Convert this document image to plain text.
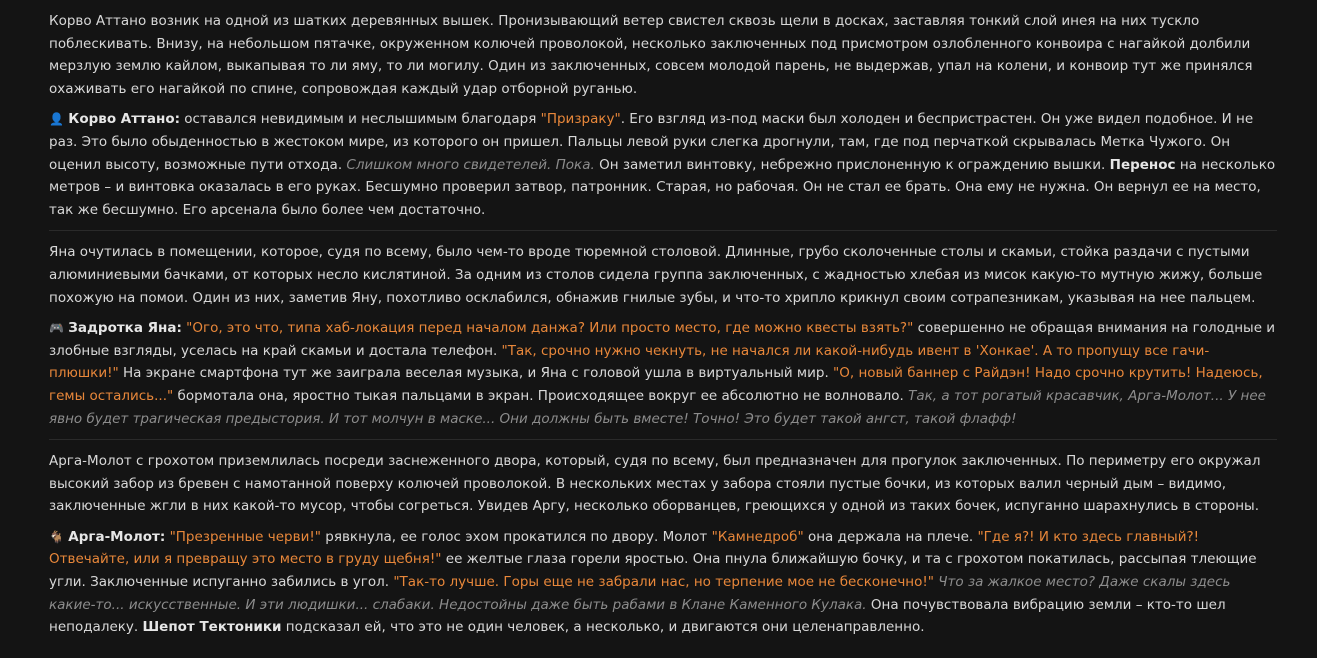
Корво Аттано возник на одной из шатких деревянных вышек. Пронизывающий ветер свистел сквозь щели в досках, заставляя тонкий слой инея на них тускло поблескивать. Внизу, на небольшом пятачке, окруженном колючей проволокой, несколько заключенных под присмотром озлобленного конвоира с нагайкой долбили мерзлую землю кайлом, выкапывая то ли яму, то ли могилу. Один из заключенных, совсем молодой парень, не выдержав, упал на колени, и конвоир тут же принялся охаживать его нагайкой по спине, сопровождая каждый удар отборной руганью.

👤 Корво Аттано: оставался невидимым и неслышимым благодаря "Призраку". Его взгляд из-под маски был холоден и беспристрастен. Он уже видел подобное. И не раз. Это было обыденностью в жестоком мире, из которого он пришел. Пальцы левой руки слегка дрогнули, там, где под перчаткой скрывалась Метка Чужого. Он оценил высоту, возможные пути отхода. Слишком много свидетелей. Пока. Он заметил винтовку, небрежно прислоненную к ограждению вышки. Перенос на несколько метров – и винтовка оказалась в его руках. Бесшумно проверил затвор, патронник. Старая, но рабочая. Он не стал ее брать. Она ему не нужна. Он вернул ее на место, так же бесшумно. Его арсенала было более чем достаточно.

Яна очутилась в помещении, которое, судя по всему, было чем-то вроде тюремной столовой. Длинные, грубо сколоченные столы и скамьи, стойка раздачи с пустыми алюминиевыми бачками, от которых несло кислятиной. За одним из столов сидела группа заключенных, с жадностью хлебая из мисок какую-то мутную жижу, больше похожую на помои. Один из них, заметив Яну, похотливо осклабился, обнажив гнилые зубы, и что-то хрипло крикнул своим сотрапезникам, указывая на нее пальцем.

🎮 Задротка Яна: "Ого, это что, типа хаб-локация перед началом данжа? Или просто место, где можно квесты взять?" совершенно не обращая внимания на голодные и злобные взгляды, уселась на край скамьи и достала телефон. "Так, срочно нужно чекнуть, не начался ли какой-нибудь ивент в 'Хонкае'. А то пропущу все гачи-плюшки!" На экране смартфона тут же заиграла веселая музыка, и Яна с головой ушла в виртуальный мир. "О, новый баннер с Райдэн! Надо срочно крутить! Надеюсь, гемы остались..." бормотала она, яростно тыкая пальцами в экран. Происходящее вокруг ее абсолютно не волновало. Так, а тот рогатый красавчик, Арга-Молот... У нее явно будет трагическая предыстория. И тот молчун в маске... Они должны быть вместе! Точно! Это будет такой ангст, такой флафф!

Арга-Молот с грохотом приземлилась посреди заснеженного двора, который, судя по всему, был предназначен для прогулок заключенных. По периметру его окружал высокий забор из бревен с намотанной поверху колючей проволокой. В нескольких местах у забора стояли пустые бочки, из которых валил черный дым – видимо, заключенные жгли в них какой-то мусор, чтобы согреться. Увидев Аргу, несколько оборванцев, греющихся у одной из таких бочек, испуганно шарахнулись в стороны.

🐐 Арга-Молот: "Презренные черви!" рявкнула, ее голос эхом прокатился по двору. Молот "Камнедроб" она держала на плече. "Где я?! И кто здесь главный?! Отвечайте, или я превращу это место в груду щебня!" ее желтые глаза горели яростью. Она пнула ближайшую бочку, и та с грохотом покатилась, рассыпая тлеющие угли. Заключенные испуганно забились в угол. "Так-то лучше. Горы еще не забрали нас, но терпение мое не бесконечно!" Что за жалкое место? Даже скалы здесь какие-то... искусственные. И эти людишки... слабаки. Недостойны даже быть рабами в Клане Каменного Кулака. Она почувствовала вибрацию земли – кто-то шел неподалеку. Шепот Тектоники подсказал ей, что это не один человек, а несколько, и двигаются они целенаправленно.
